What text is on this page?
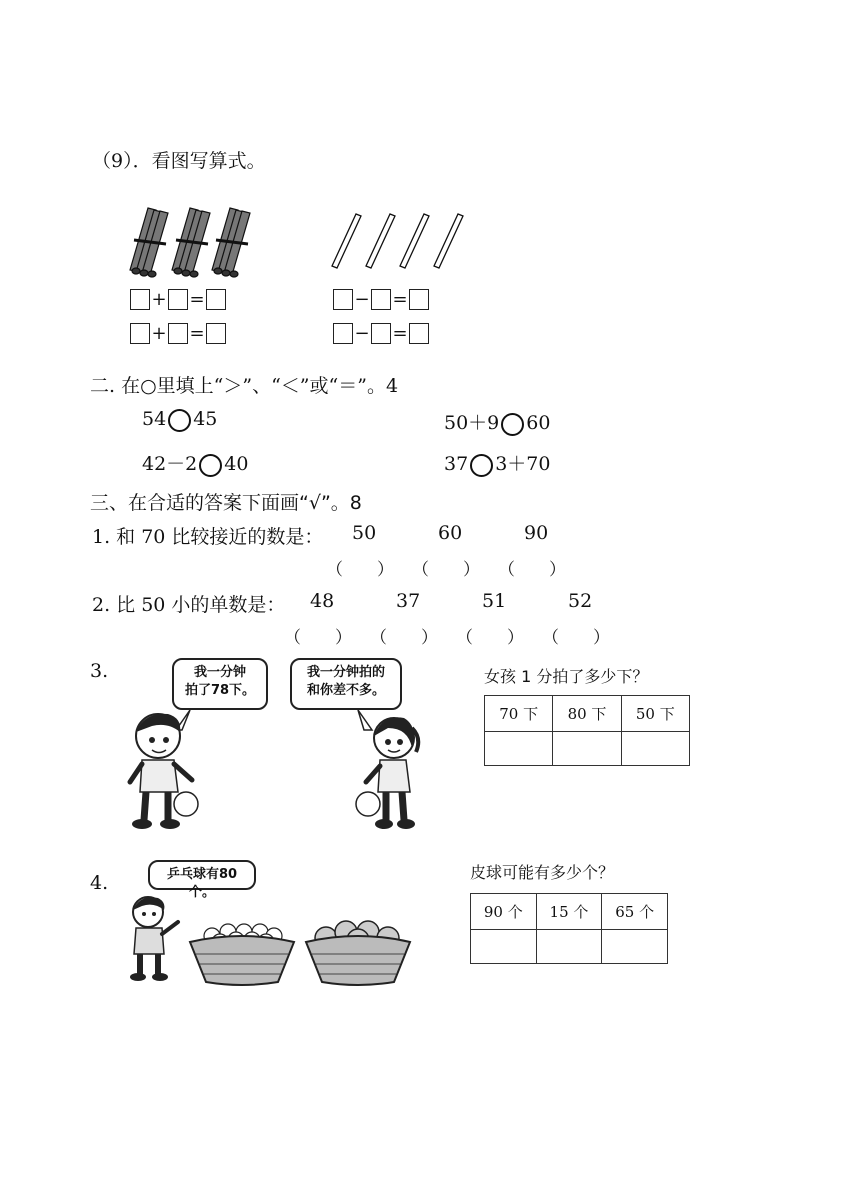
（9）．看图写算式。
+ =
+ =
− =
− =
二. 在○里填上“＞”、“＜”或“＝”。4
54 45	50＋9 60
42－2 40	37 3＋70
三、在合适的答案下面画“√”。8
1. 和 70 比较接近的数是： 50	60	90
（　　） （　　） （　　）
2. 比 50 小的单数是： 48	37	51	52
（　　） （　　） （　　） （　　）
3.	我一分钟
拍了78下。
我一分钟拍的
和你差不多。
女孩 1 分拍了多少下？
70 下	80 下	50 下

4.	乒乓球有80个。
皮球可能有多少个？
90 个	15 个	65 个
